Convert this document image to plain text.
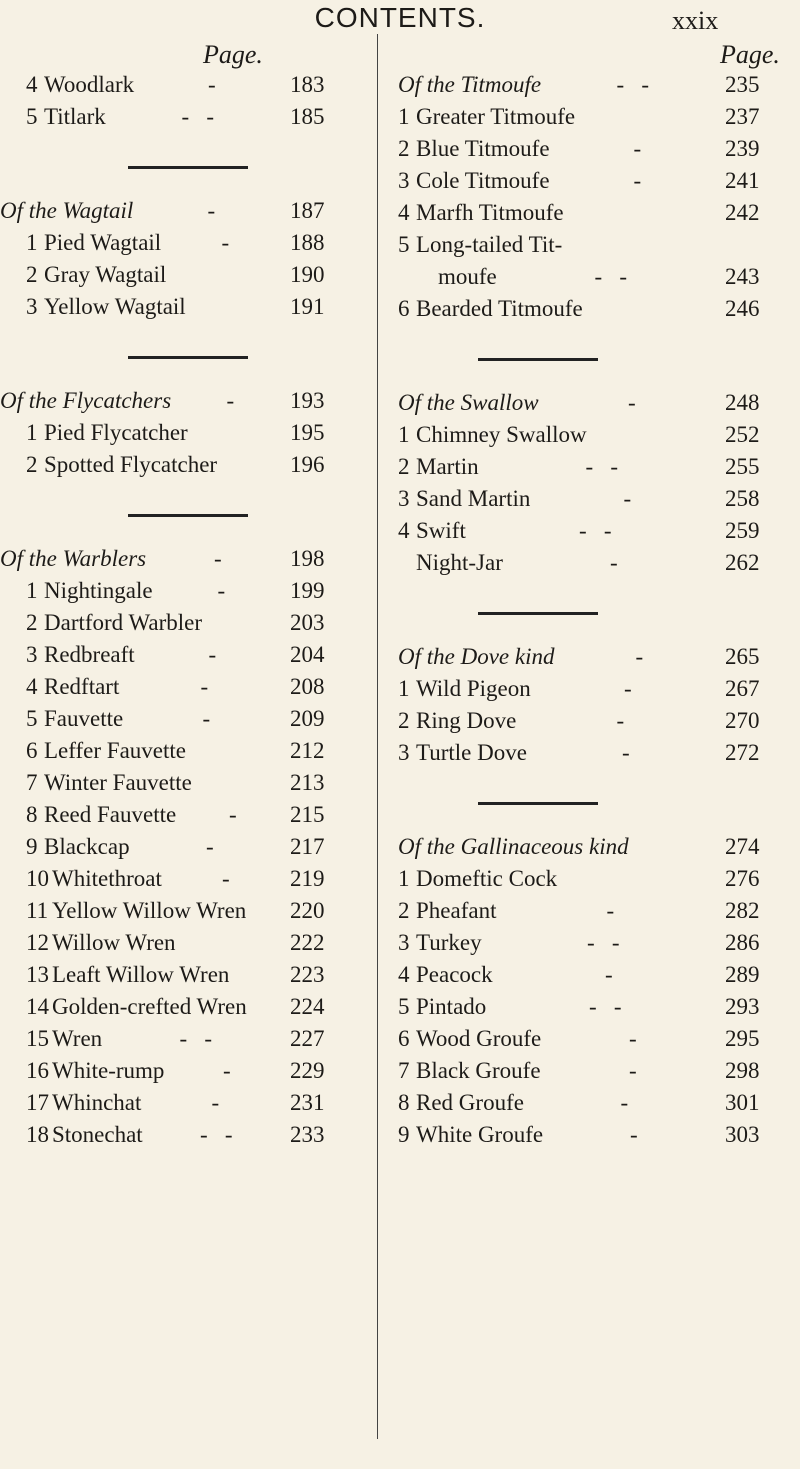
CONTENTS.	xxix
Page.	Page.
4 Woodlark	-	183
5 Titlark	-   -	185
Of the Wagtail	-	187
1 Pied Wagtail	-	188
2 Gray Wagtail	190
3 Yellow Wagtail	191
Of the Flycatchers - 193
1 Pied Flycatcher	195
2 Spotted Flycatcher	196
Of the Warblers	-	198
1 Nightingale	-	199
2 Dartford Warbler	203
3 Redbreaft	-	204
4 Redftart	-	208
5 Fauvette	-	209
6 Leffer Fauvette	212
7 Winter Fauvette	213
8 Reed Fauvette - 215
9 Blackcap	-	217
10 Whitethroat	-	219
11 Yellow Willow Wren 220
12 Willow Wren	222
13 Leaft Willow Wren	223
14 Golden-crefted Wren 224
15 Wren	-   -	227
16 White-rump	-	229
17 Whinchat	-	231
18 Stonechat -   - 233
Of the Titmoufe	-   -	235
1 Greater Titmoufe	237
2 Blue Titmoufe	-	239
3 Cole Titmoufe	-	241
4 Marfh Titmoufe	242
5 Long-tailed Tit-
moufe	-   -	243
6 Bearded Titmoufe	246
Of the Swallow	-	248
1 Chimney Swallow	252
2 Martin	-   -	255
3 Sand Martin	-	258
4 Swift	-   -	259
Night-Jar	-	262
Of the Dove kind	-	265
1 Wild Pigeon	-	267
2 Ring Dove	-	270
3 Turtle Dove	-	272
Of the Gallinaceous kind	274
1 Domeftic Cock	276
2 Pheafant	-	282
3 Turkey	-   -	286
4 Peacock	-	289
5 Pintado	-   -	293
6 Wood Groufe	-	295
7 Black Groufe	-	298
8 Red Groufe	-	301
9 White Groufe	-	303
